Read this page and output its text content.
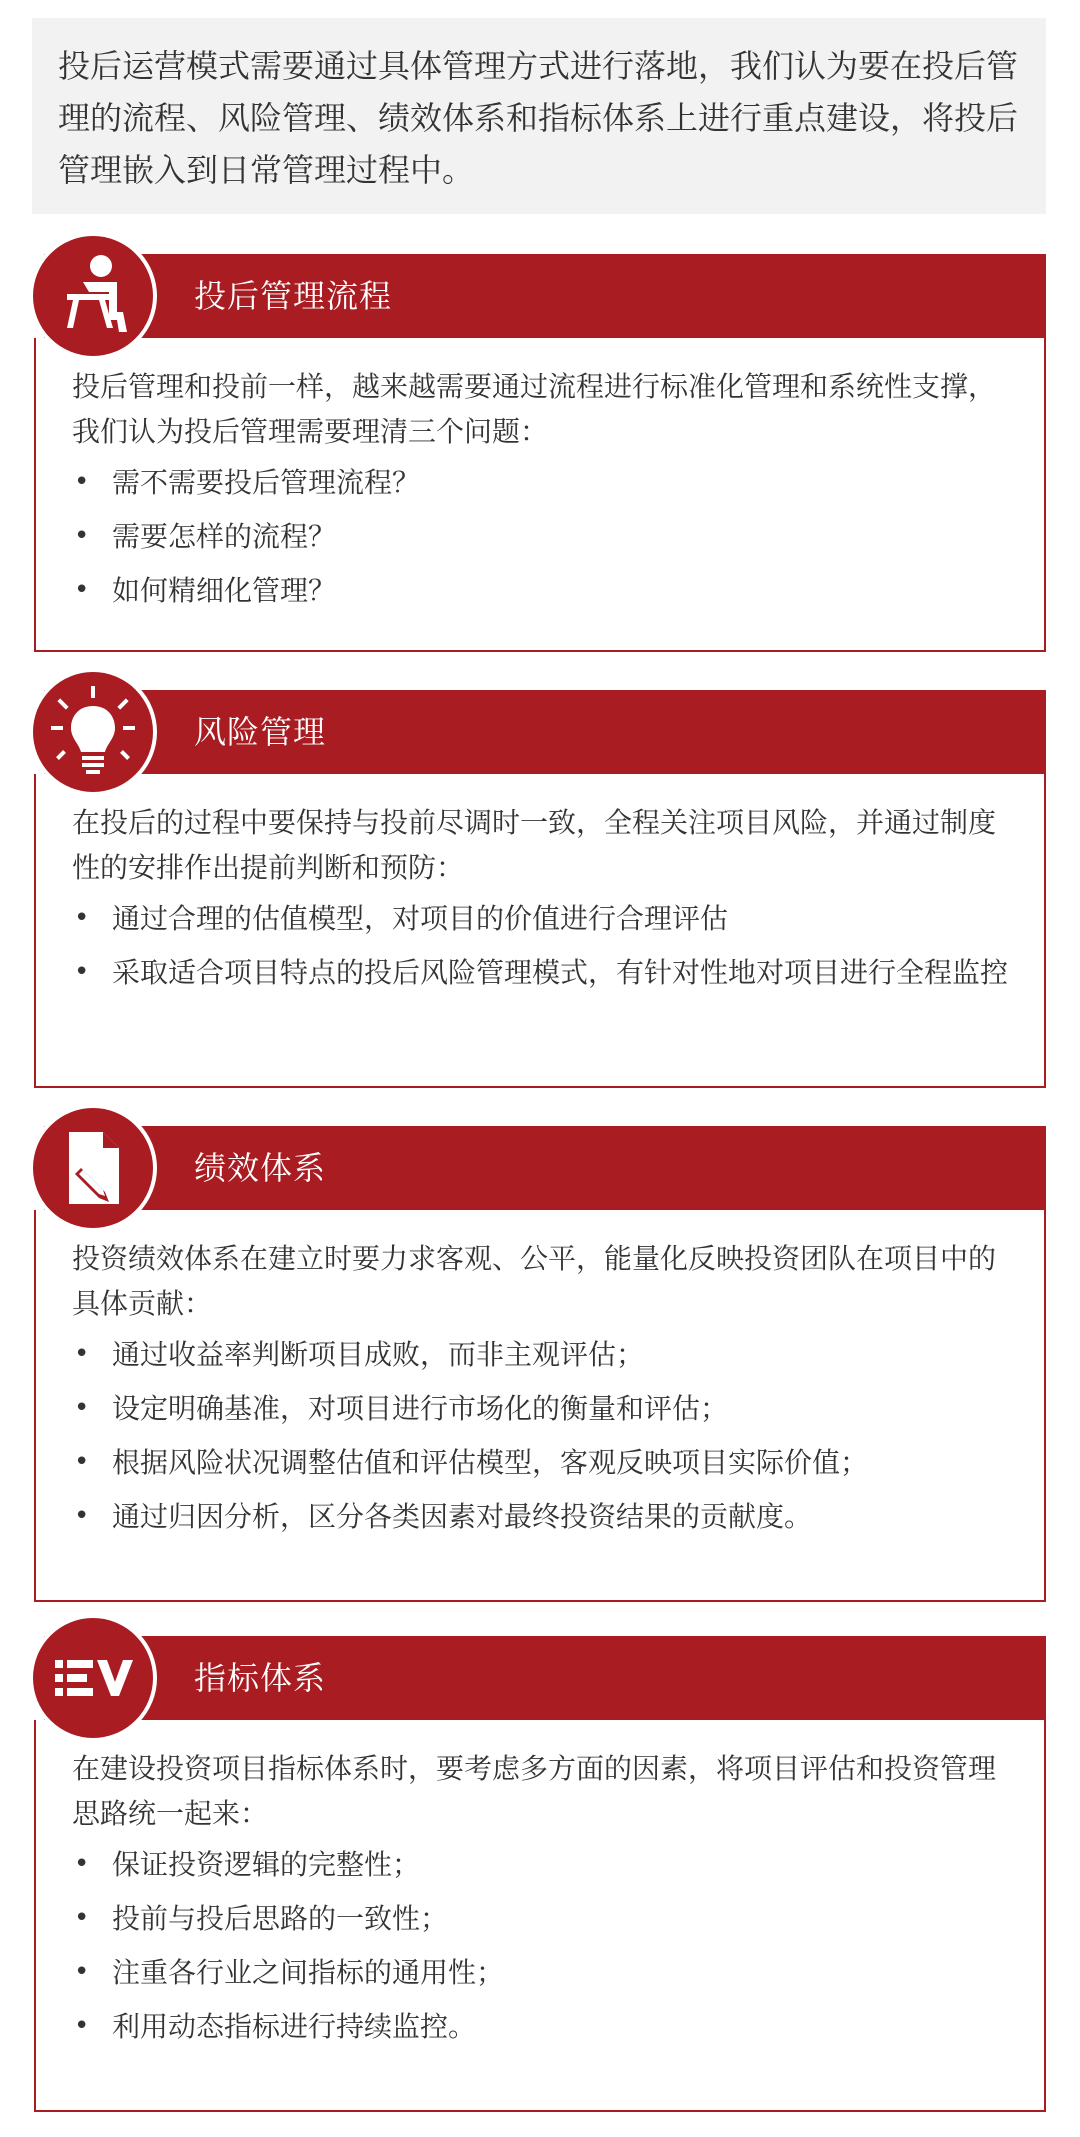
投后运营模式需要通过具体管理方式进行落地，我们认为要在投后管理的流程、风险管理、绩效体系和指标体系上进行重点建设，将投后管理嵌入到日常管理过程中。

投后管理流程

投后管理和投前一样，越来越需要通过流程进行标准化管理和系统性支撑，我们认为投后管理需要理清三个问题：

• 需不需要投后管理流程？
• 需要怎样的流程？
• 如何精细化管理？
风险管理

在投后的过程中要保持与投前尽调时一致，全程关注项目风险，并通过制度性的安排作出提前判断和预防：

• 通过合理的估值模型，对项目的价值进行合理评估
• 采取适合项目特点的投后风险管理模式，有针对性地对项目进行全程监控
绩效体系

投资绩效体系在建立时要力求客观、公平，能量化反映投资团队在项目中的具体贡献：

• 通过收益率判断项目成败，而非主观评估；
• 设定明确基准，对项目进行市场化的衡量和评估；
• 根据风险状况调整估值和评估模型，客观反映项目实际价值；
• 通过归因分析，区分各类因素对最终投资结果的贡献度。
指标体系

在建设投资项目指标体系时，要考虑多方面的因素，将项目评估和投资管理思路统一起来：

• 保证投资逻辑的完整性；
• 投前与投后思路的一致性；
• 注重各行业之间指标的通用性；
• 利用动态指标进行持续监控。
